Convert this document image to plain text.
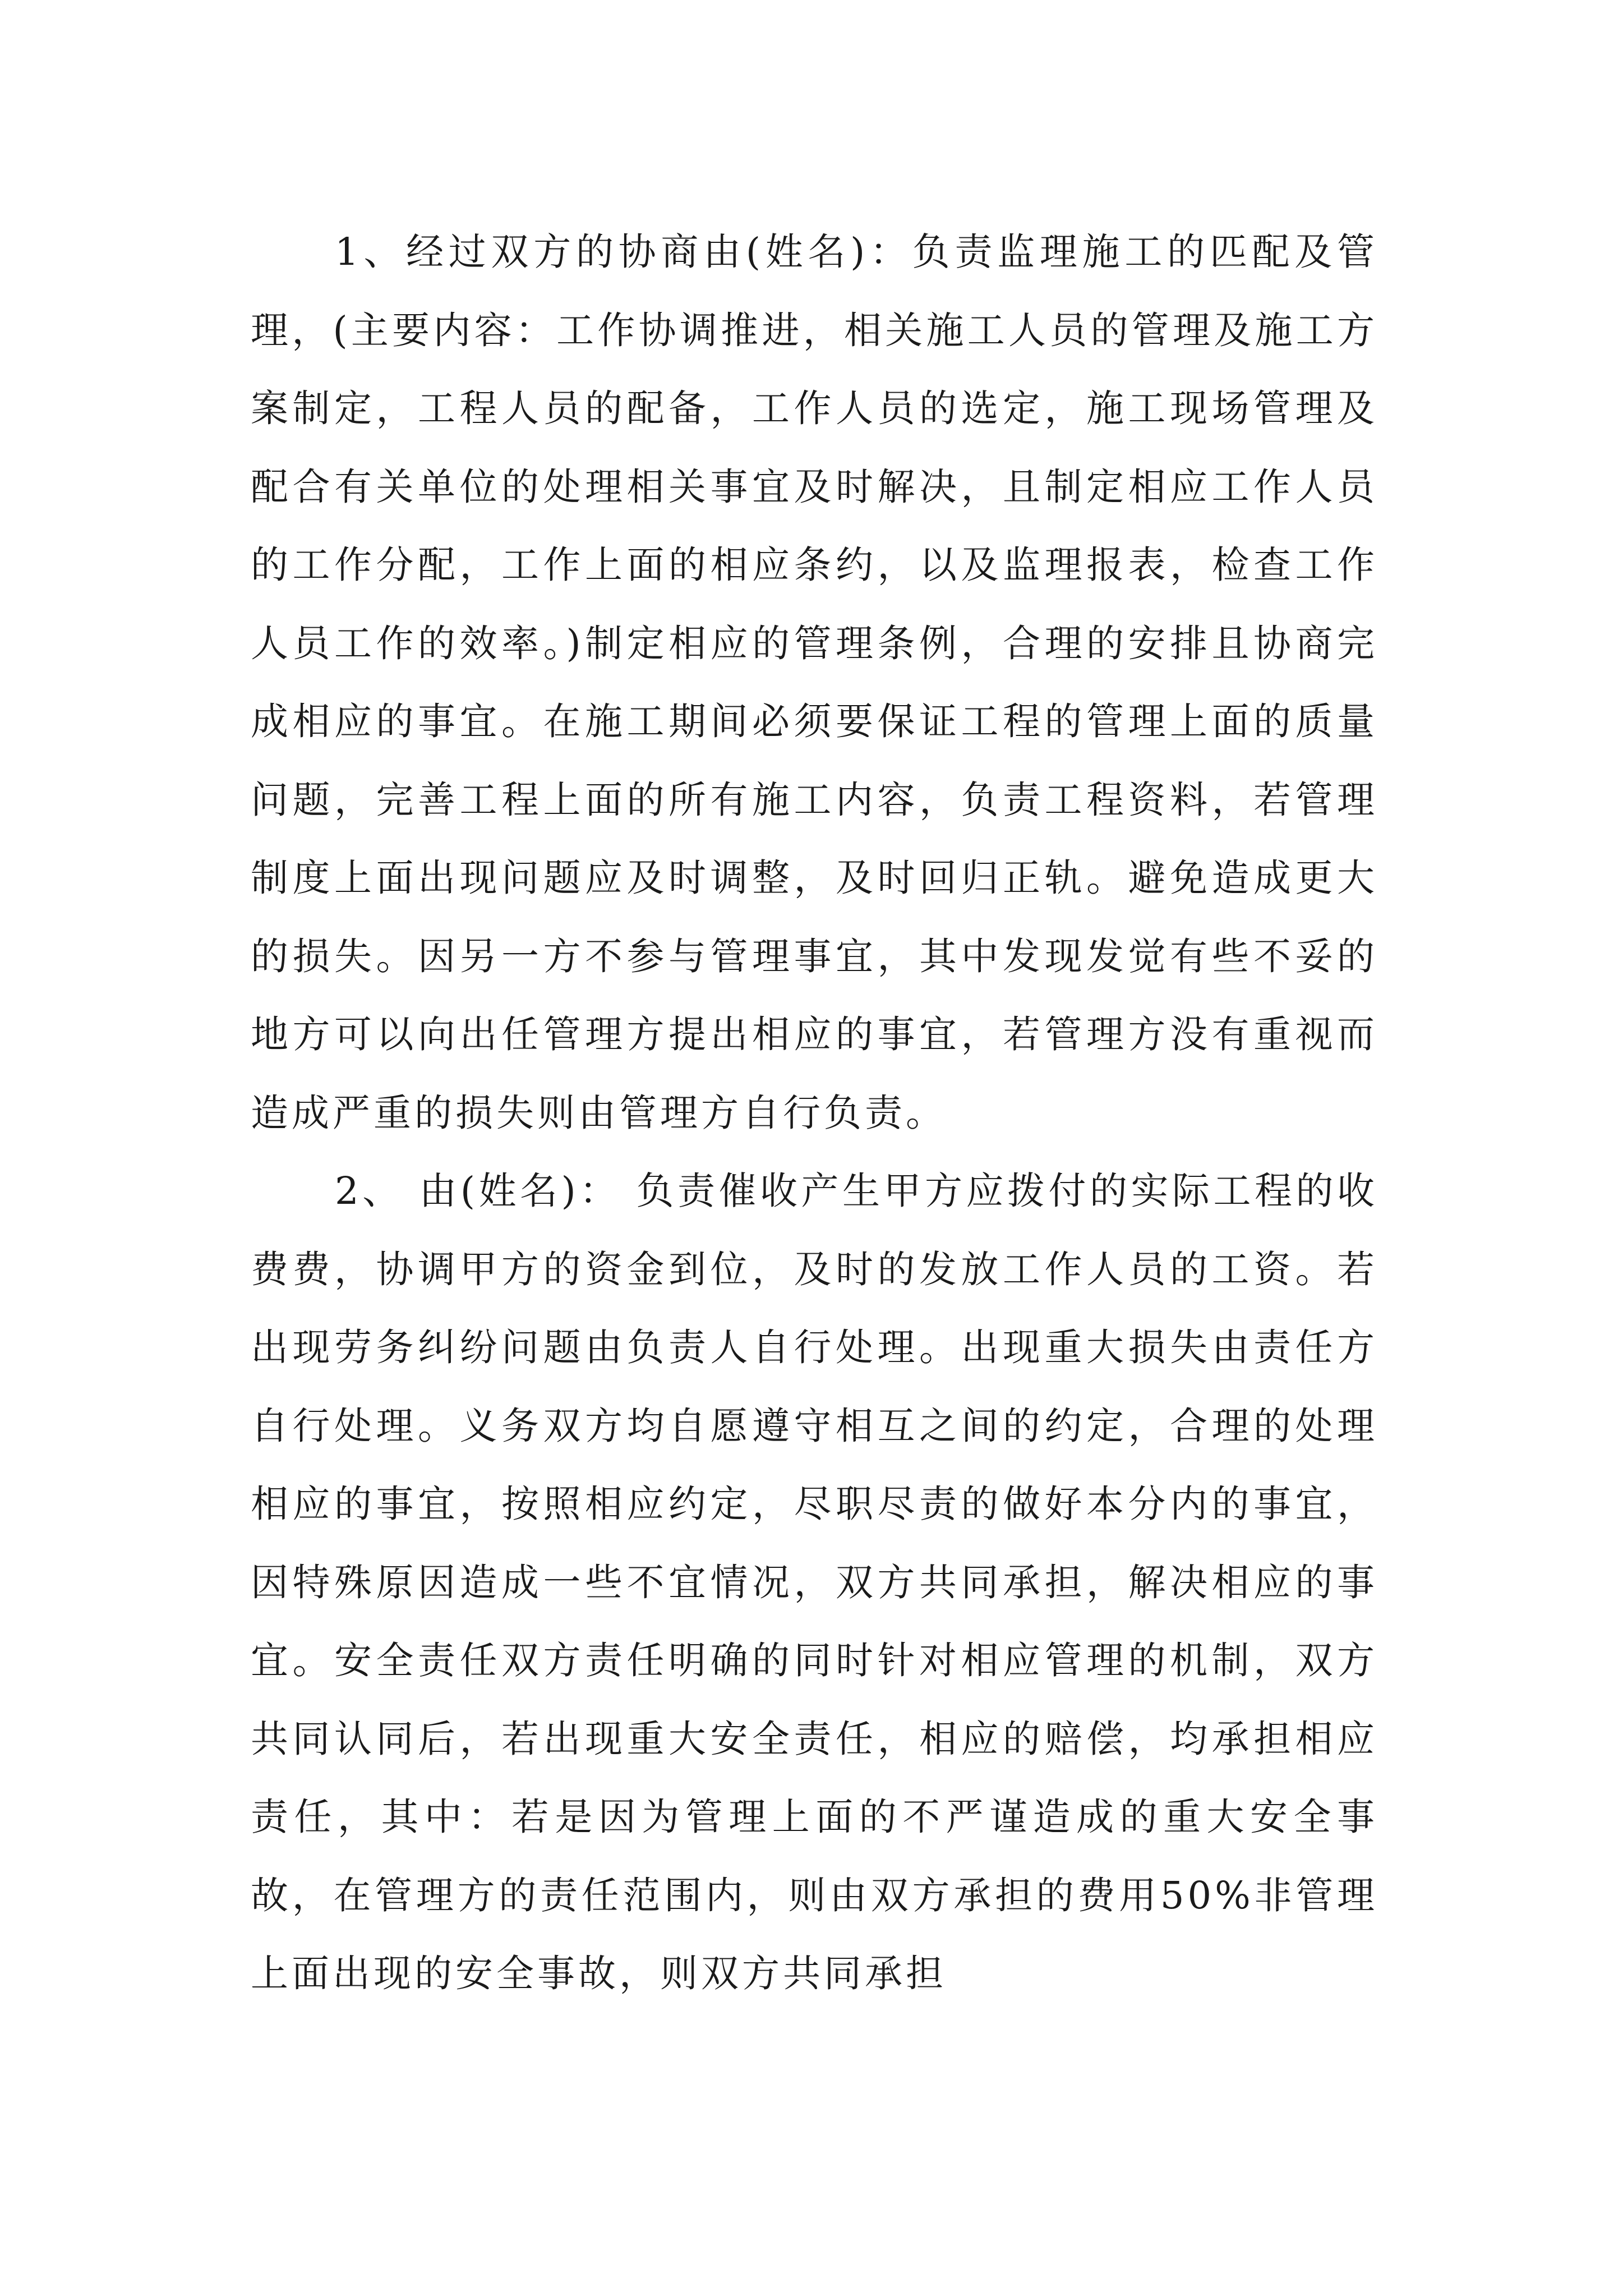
1、经过双方的协商由(姓名)：负责监理施工的匹配及管理，(主要内容：工作协调推进，相关施工人员的管理及施工方案制定，工程人员的配备，工作人员的选定，施工现场管理及配合有关单位的处理相关事宜及时解决，且制定相应工作人员的工作分配，工作上面的相应条约，以及监理报表，检查工作人员工作的效率。)制定相应的管理条例，合理的安排且协商完成相应的事宜。在施工期间必须要保证工程的管理上面的质量问题，完善工程上面的所有施工内容，负责工程资料，若管理制度上面出现问题应及时调整，及时回归正轨。避免造成更大的损失。因另一方不参与管理事宜，其中发现发觉有些不妥的地方可以向出任管理方提出相应的事宜，若管理方没有重视而造成严重的损失则由管理方自行负责。

2、 由(姓名)： 负责催收产生甲方应拨付的实际工程的收费费，协调甲方的资金到位，及时的发放工作人员的工资。若出现劳务纠纷问题由负责人自行处理。出现重大损失由责任方自行处理。义务双方均自愿遵守相互之间的约定，合理的处理相应的事宜，按照相应约定，尽职尽责的做好本分内的事宜，因特殊原因造成一些不宜情况，双方共同承担，解决相应的事宜。安全责任双方责任明确的同时针对相应管理的机制，双方共同认同后，若出现重大安全责任，相应的赔偿，均承担相应责任，其中：若是因为管理上面的不严谨造成的重大安全事故，在管理方的责任范围内，则由双方承担的费用50%非管理上面出现的安全事故，则双方共同承担
